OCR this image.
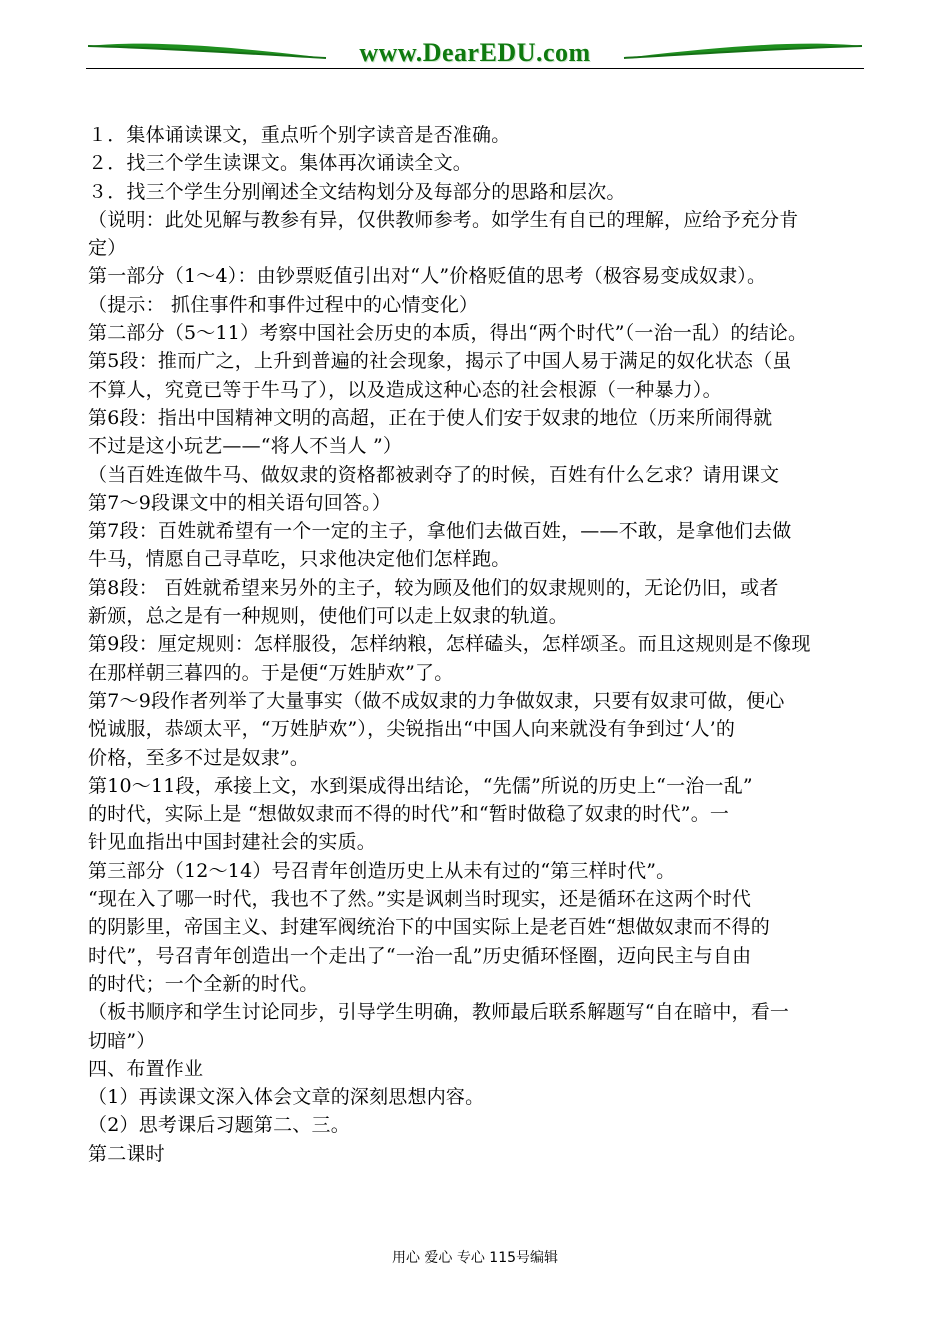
www.DearEDU.com
１．集体诵读课文，重点听个别字读音是否准确。
２．找三个学生读课文。集体再次诵读全文。
３．找三个学生分别阐述全文结构划分及每部分的思路和层次。
（说明：此处见解与教参有异，仅供教师参考。如学生有自已的理解，应给予充分肯
定）
第一部分（1～4）：由钞票贬值引出对“人”价格贬值的思考（极容易变成奴隶）。
（提示： 抓住事件和事件过程中的心情变化）
第二部分（5～11）考察中国社会历史的本质，得出“两个时代”（一治一乱）的结论。
第5段：推而广之，上升到普遍的社会现象，揭示了中国人易于满足的奴化状态（虽
不算人，究竟已等于牛马了），以及造成这种心态的社会根源（一种暴力）。
第6段：指出中国精神文明的高超，正在于使人们安于奴隶的地位（历来所闹得就
不过是这小玩艺——“将人不当人 ”）
（当百姓连做牛马、做奴隶的资格都被剥夺了的时候，百姓有什么乞求？请用课文
第7～9段课文中的相关语句回答。）
第7段：百姓就希望有一个一定的主子，拿他们去做百姓，——不敢，是拿他们去做
牛马，情愿自己寻草吃，只求他决定他们怎样跑。
第8段： 百姓就希望来另外的主子，较为顾及他们的奴隶规则的，无论仍旧，或者
新颁，总之是有一种规则，使他们可以走上奴隶的轨道。
第9段：厘定规则：怎样服役，怎样纳粮，怎样磕头，怎样颂圣。而且这规则是不像现
在那样朝三暮四的。于是便“万姓胪欢”了。
第7～9段作者列举了大量事实（做不成奴隶的力争做奴隶，只要有奴隶可做，便心
悦诚服，恭颂太平，“万姓胪欢”），尖锐指出“中国人向来就没有争到过‘人’的
价格，至多不过是奴隶”。
第10～11段，承接上文，水到渠成得出结论，“先儒”所说的历史上“一治一乱”
的时代，实际上是 “想做奴隶而不得的时代”和“暂时做稳了奴隶的时代”。一
针见血指出中国封建社会的实质。
第三部分（12～14）号召青年创造历史上从未有过的“第三样时代”。
“现在入了哪一时代，我也不了然。”实是讽刺当时现实，还是循环在这两个时代
的阴影里，帝国主义、封建军阀统治下的中国实际上是老百姓“想做奴隶而不得的
时代”，号召青年创造出一个走出了“一治一乱”历史循环怪圈，迈向民主与自由
的时代；一个全新的时代。
（板书顺序和学生讨论同步，引导学生明确，教师最后联系解题写“自在暗中，看一
切暗”）
四、布置作业
（1）再读课文深入体会文章的深刻思想内容。
（2）思考课后习题第二、三。
第二课时
用心 爱心 专心 115号编辑
